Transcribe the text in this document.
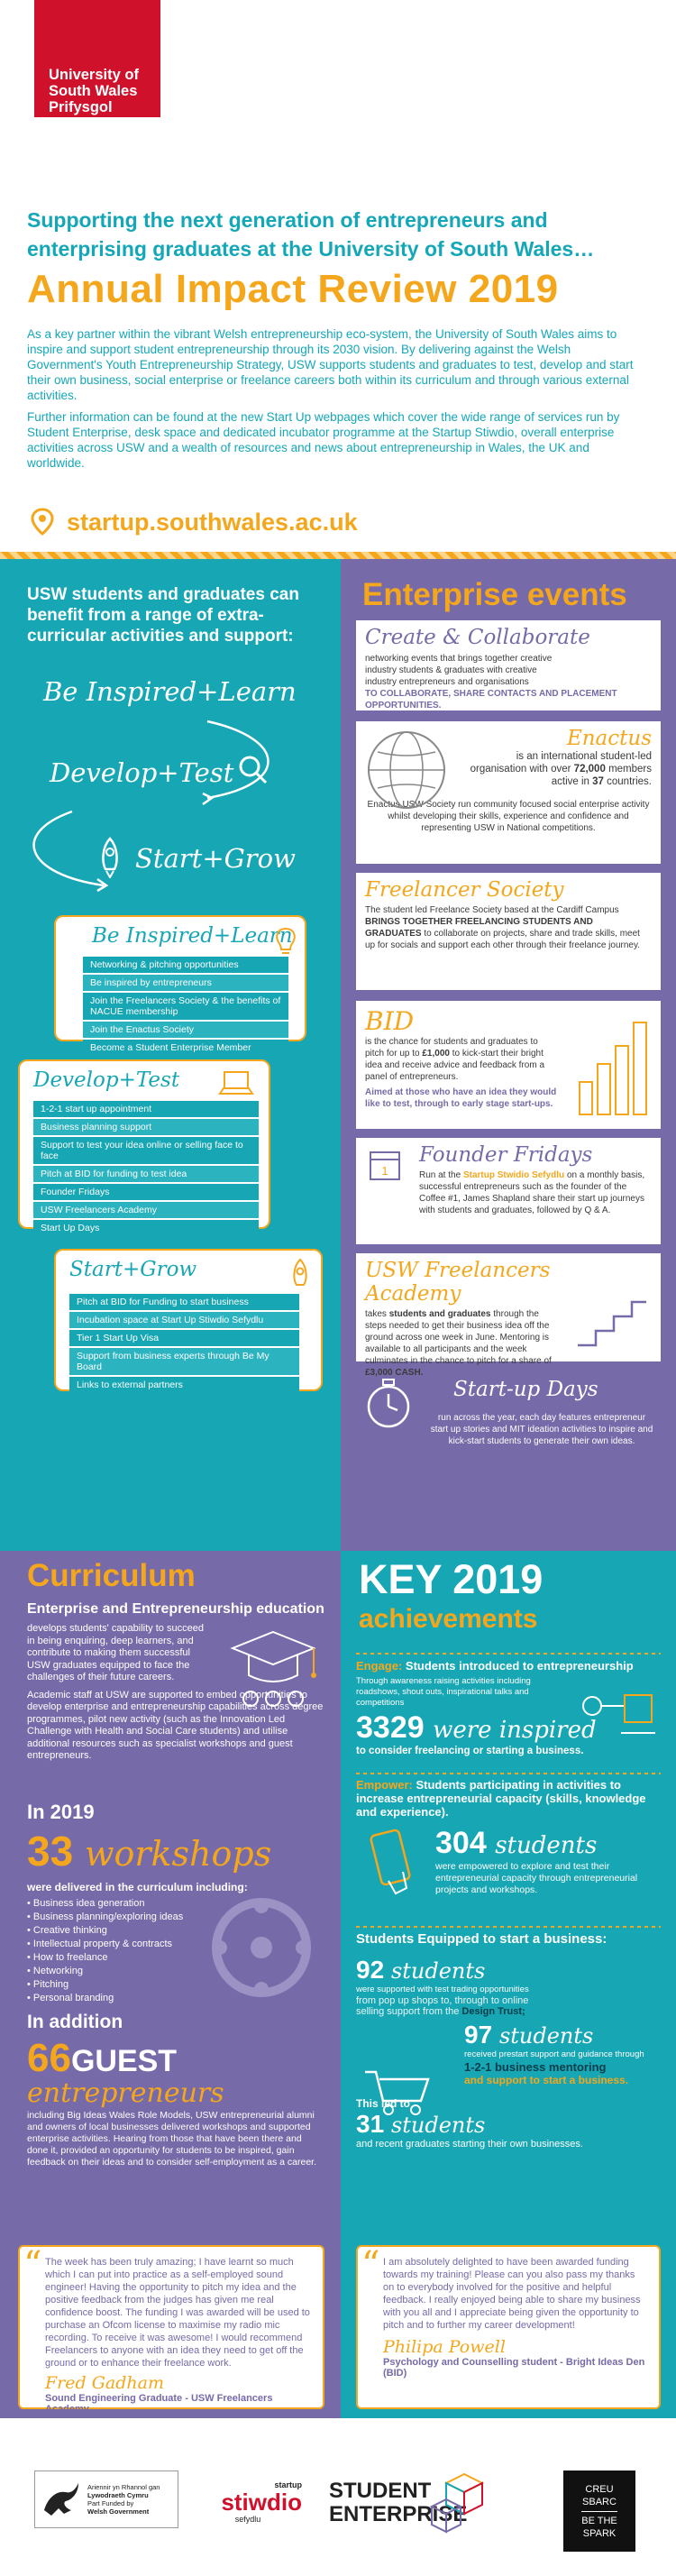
University of
South Wales
Prifysgol
De Cymru
Supporting the next generation of entrepreneurs and enterprising graduates at the University of South Wales…
Annual Impact Review 2019

As a key partner within the vibrant Welsh entrepreneurship eco-system, the University of South Wales aims to inspire and support student entrepreneurship through its 2030 vision. By delivering against the Welsh Government's Youth Entrepreneurship Strategy, USW supports students and graduates to test, develop and start their own business, social enterprise or freelance careers both within its curriculum and through various external activities.

Further information can be found at the new Start Up webpages which cover the wide range of services run by Student Enterprise, desk space and dedicated incubator programme at the Startup Stiwdio, overall enterprise activities across USW and a wealth of resources and news about entrepreneurship in Wales, the UK and worldwide.

startup.southwales.ac.uk
USW students and graduates can benefit from a range of extra-curricular activities and support:
Be Inspired+Learn
Develop+Test
Start+Grow
Be Inspired+Learn
Networking & pitching opportunities
Be inspired by entrepreneurs
Join the Freelancers Society & the benefits of NACUE membership
Join the Enactus Society
Become a Student Enterprise Member
Develop+Test
1-2-1 start up appointment
Business planning support
Support to test your idea online or selling face to face
Pitch at BID for funding to test idea
Founder Fridays
USW Freelancers Academy
Start Up Days
Start+Grow
Pitch at BID for Funding to start business
Incubation space at Start Up Stiwdio Sefydlu
Tier 1 Start Up Visa
Support from business experts through Be My Board
Links to external partners
Enterprise events
Create & Collaborate
networking events that brings together creative industry students & graduates with creative industry entrepreneurs and organisations
TO COLLABORATE, SHARE CONTACTS AND PLACEMENT OPPORTUNITIES.
Enactus
is an international student-led organisation with over 72,000 members active in 37 countries.
Enactus USW Society run community focused social enterprise activity whilst developing their skills, experience and confidence and representing USW in National competitions.
Freelancer Society
The student led Freelance Society based at the Cardiff Campus BRINGS TOGETHER FREELANCING STUDENTS AND GRADUATES to collaborate on projects, share and trade skills, meet up for socials and support each other through their freelance journey.
BID
is the chance for students and graduates to pitch for up to £1,000 to kick-start their bright idea and receive advice and feedback from a panel of entrepreneurs.
Aimed at those who have an idea they would like to test, through to early stage start-ups.
1
Founder Fridays
Run at the Startup Stwidio Sefydlu on a monthly basis, successful entrepreneurs such as the founder of the Coffee #1, James Shapland share their start up journeys with students and graduates, followed by Q & A.
USW Freelancers Academy
takes students and graduates through the steps needed to get their business idea off the ground across one week in June. Mentoring is available to all participants and the week culminates in the chance to pitch for a share of £3,000 CASH.
Start-up Days
run across the year, each day features entrepreneur start up stories and MIT ideation activities to inspire and kick-start students to generate their own ideas.
Curriculum
Enterprise and Entrepreneurship education

develops students' capability to succeed in being enquiring, deep learners, and contribute to making them successful USW graduates equipped to face the challenges of their future careers.

Academic staff at USW are supported to embed opportunities to develop enterprise and entrepreneurship capabilities across degree programmes, pilot new activity (such as the Innovation Led Challenge with Health and Social Care students) and utilise additional resources such as specialist workshops and guest entrepreneurs.

In 2019
33 workshops
were delivered in the curriculum including:
• Business idea generation
• Business planning/exploring ideas
• Creative thinking
• Intellectual property & contracts
• How to freelance
• Networking
• Pitching
• Personal branding
In addition
66GUEST
entrepreneurs
including Big Ideas Wales Role Models, USW entrepreneurial alumni and owners of local businesses delivered workshops and supported enterprise activities. Hearing from those that have been there and done it, provided an opportunity for students to be inspired, gain feedback on their ideas and to consider self-employment as a career.
KEY 2019
achievements
Engage: Students introduced to entrepreneurship
Through awareness raising activities including roadshows, shout outs, inspirational talks and competitions
3329 were inspired
to consider freelancing or starting a business.
Empower: Students participating in activities to increase entrepreneurial capacity (skills, knowledge and experience).
304 students
were empowered to explore and test their entrepreneurial capacity through entrepreneurial projects and workshops.
Students Equipped to start a business:
92 students
were supported with test trading opportunities
from pop up shops to, through to online selling support from the Design Trust;
97 students
received prestart support and guidance through
1-2-1 business mentoring
and support to start a business.
This led to
31 students
and recent graduates starting their own businesses.
“ The week has been truly amazing; I have learnt so much which I can put into practice as a self-employed sound engineer! Having the opportunity to pitch my idea and the positive feedback from the judges has given me real confidence boost. The funding I was awarded will be used to purchase an Ofcom license to maximise my radio mic recording. To receive it was awesome! I would recommend Freelancers to anyone with an idea they need to get off the ground or to enhance their freelance work.
Fred Gadham
Sound Engineering Graduate - USW Freelancers Academy
“ I am absolutely delighted to have been awarded funding towards my training! Please can you also pass my thanks on to everybody involved for the positive and helpful feedback. I really enjoyed being able to share my business with you all and I appreciate being given the opportunity to pitch and to further my career development!
Philipa Powell
Psychology and Counselling student - Bright Ideas Den (BID)
Ariennir yn Rhannol gan
Lywodraeth Cymru
Part Funded by
Welsh Government
startup
stiwdio
sefydlu
STUDENT
ENTERPRISE
CREU
SBARC
BE THE
SPARK
